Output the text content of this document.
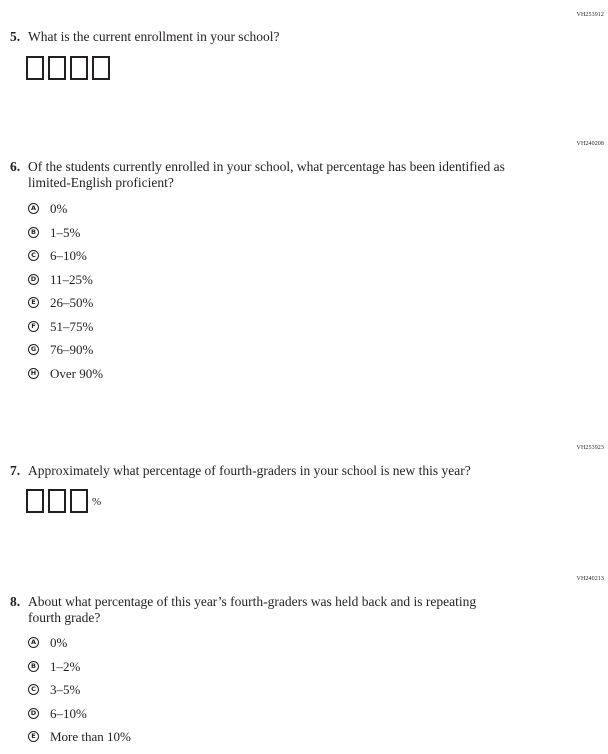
VH253912
5. What is the current enrollment in your school?
VH240208
6. Of the students currently enrolled in your school, what percentage has been identified as limited-English proficient?
A 0%
B 1–5%
C 6–10%
D 11–25%
E 26–50%
F 51–75%
G 76–90%
H Over 90%
VH253923
7. Approximately what percentage of fourth-graders in your school is new this year?
%
VH240213
8. About what percentage of this year’s fourth-graders was held back and is repeating fourth grade?
A 0%
B 1–2%
C 3–5%
D 6–10%
E More than 10%
